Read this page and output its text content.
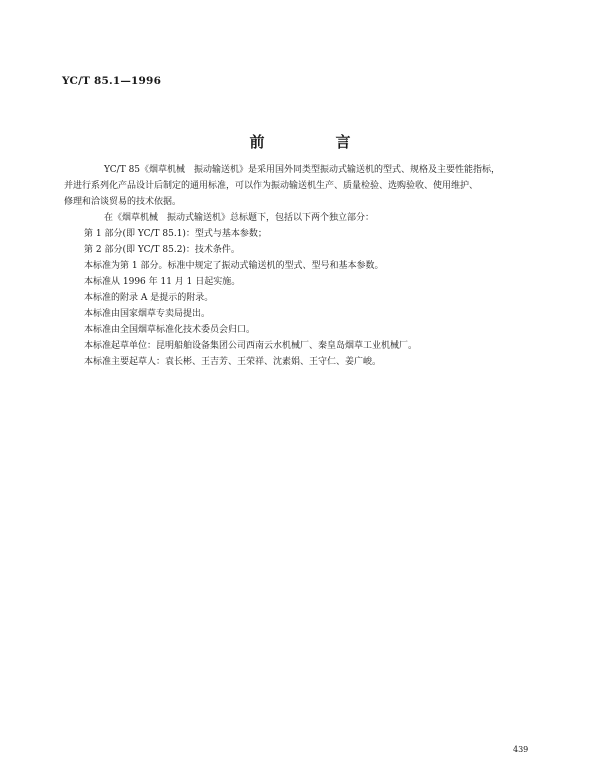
YC/T 85.1—1996
前　言

YC/T 85《烟草机械　振动输送机》是采用国外同类型振动式输送机的型式、规格及主要性能指标，

并进行系列化产品设计后制定的通用标准，可以作为振动输送机生产、质量检验、选购验收、使用维护、

修理和洽谈贸易的技术依据。

在《烟草机械　振动式输送机》总标题下，包括以下两个独立部分：

第 1 部分(即 YC/T 85.1)：型式与基本参数；

第 2 部分(即 YC/T 85.2)：技术条件。

本标准为第 1 部分。标准中规定了振动式输送机的型式、型号和基本参数。

本标准从 1996 年 11 月 1 日起实施。

本标准的附录 A 是提示的附录。

本标准由国家烟草专卖局提出。

本标准由全国烟草标准化技术委员会归口。

本标准起草单位：昆明船舶设备集团公司西南云水机械厂、秦皇岛烟草工业机械厂。

本标准主要起草人：袁长彬、王吉芳、王荣祥、沈素娟、王守仁、姜广峻。

439
